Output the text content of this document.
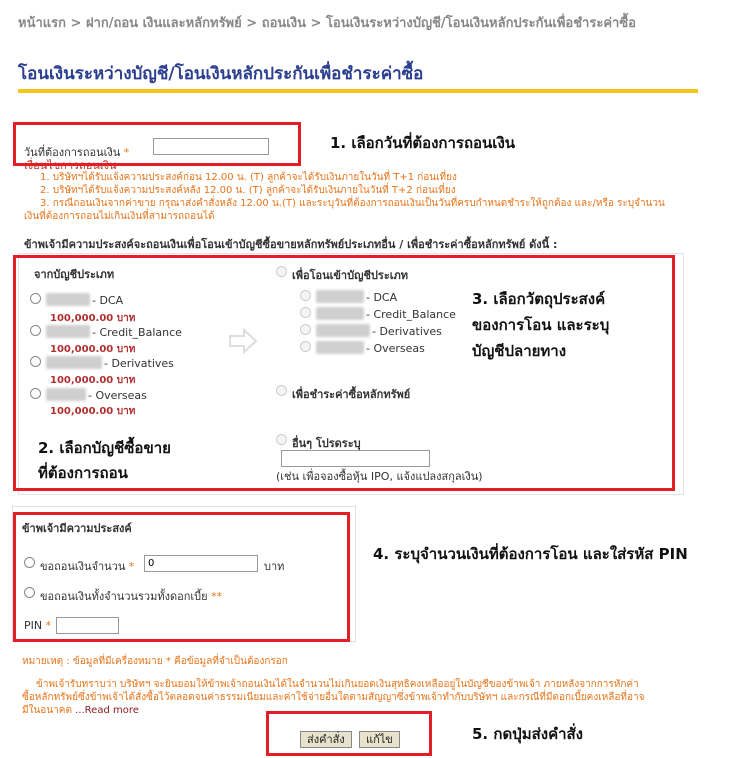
หน้าแรก > ฝาก/ถอน เงินและหลักทรัพย์ > ถอนเงิน > โอนเงินระหว่างบัญชี/โอนเงินหลักประกันเพื่อชำระค่าซื้อ
โอนเงินระหว่างบัญชี/โอนเงินหลักประกันเพื่อชำระค่าซื้อ
วันที่ต้องการถอนเงิน *
เงื่อนไขการถอนเงิน
1. บริษัทฯได้รับแจ้งความประสงค์ก่อน 12.00 น. (T) ลูกค้าจะได้รับเงินภายในวันที่ T+1 ก่อนเที่ยง
2. บริษัทฯได้รับแจ้งความประสงค์หลัง 12.00 น. (T) ลูกค้าจะได้รับเงินภายในวันที่ T+2 ก่อนเที่ยง
3. กรณีถอนเงินจากค่าขาย กรุณาส่งคำสั่งหลัง 12.00 น.(T) และระบุวันที่ต้องการถอนเงินเป็นวันที่ครบกำหนดชำระให้ถูกต้อง และ/หรือ ระบุจำนวน
เงินที่ต้องการถอนไม่เกินเงินที่สามารถถอนได้
1. เลือกวันที่ต้องการถอนเงิน
ข้าพเจ้ามีความประสงค์จะถอนเงินเพื่อโอนเข้าบัญชีซื้อขายหลักทรัพย์ประเภทอื่น / เพื่อชำระค่าซื้อหลักทรัพย์ ดังนี้ :
จากบัญชีประเภท
- DCA
100,000.00 บาท
- Credit_Balance
100,000.00 บาท
- Derivatives
100,000.00 บาท
- Overseas
100,000.00 บาท
เพื่อโอนเข้าบัญชีประเภท
- DCA
- Credit_Balance
- Derivatives
- Overseas
เพื่อชำระค่าซื้อหลักทรัพย์
อื่นๆ โปรดระบุ
(เช่น เพื่อจองซื้อหุ้น IPO, แจ้งแปลงสกุลเงิน)
2. เลือกบัญชีซื้อขาย
ที่ต้องการถอน
3. เลือกวัตถุประสงค์
ของการโอน และระบุ
บัญชีปลายทาง
ข้าพเจ้ามีความประสงค์
ขอถอนเงินจำนวน *
0	บาท
ขอถอนเงินทั้งจำนวนรวมทั้งดอกเบี้ย **
PIN *
4. ระบุจำนวนเงินที่ต้องการโอน และใส่รหัส PIN
หมายเหตุ : ข้อมูลที่มีเครื่องหมาย * คือข้อมูลที่จำเป็นต้องกรอก
ข้าพเจ้ารับทราบว่า บริษัทฯ จะยินยอมให้ข้าพเจ้าถอนเงินได้ในจำนวนไม่เกินยอดเงินสุทธิคงเหลืออยู่ในบัญชีของข้าพเจ้า ภายหลังจากการหักค่า
ซื้อหลักทรัพย์ซึ่งข้าพเจ้าได้สั่งซื้อไว้ตลอดจนค่าธรรมเนียมและค่าใช้จ่ายอื่นใดตามสัญญาซึ่งข้าพเจ้าทำกับบริษัทฯ และกรณีที่มีดอกเบี้ยคงเหลือที่อาจ
มีในอนาคต ...Read more
ส่งคำสั่ง	แก้ไข	5. กดปุ่มส่งคำสั่ง
